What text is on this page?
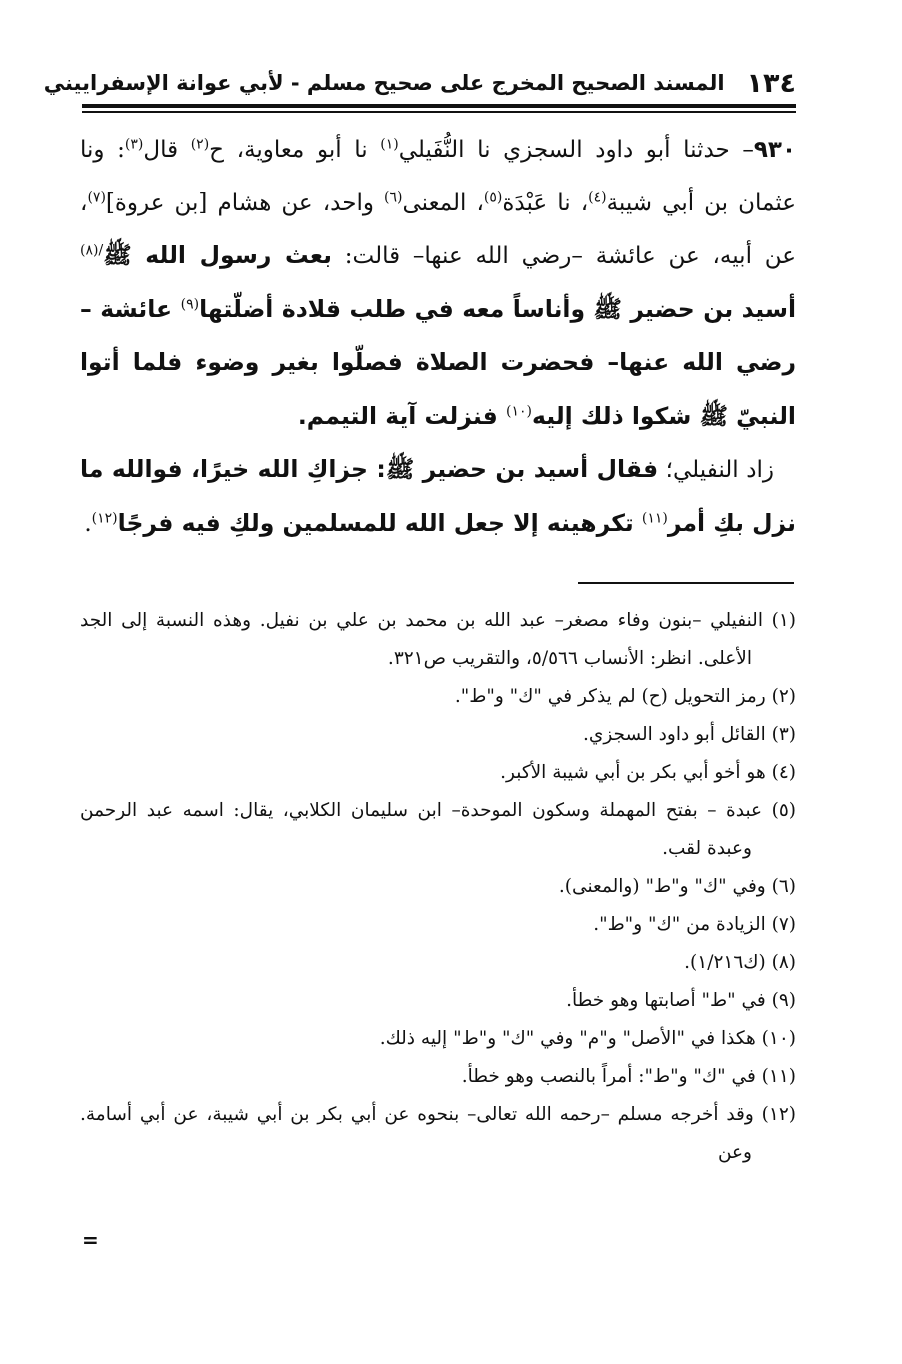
١٣٤
المسند الصحيح المخرج على صحيح مسلم - لأبي عوانة الإسفراييني

٩٣٠– حدثنا أبو داود السجزي نا النُّفَيلي$^{(١)}$ نا أبو معاوية، ح$^{(٢)}$ قال$^{(٣)}$: ونا عثمان بن أبي شيبة$^{(٤)}$، نا عَبْدَة$^{(٥)}$، المعنى$^{(٦)}$ واحد، عن هشام [بن عروة]$^{(٧)}$، عن أبيه، عن عائشة –رضي الله عنها– قالت: بعث رسول الله ﷺ$^{/(٨)}$ أسيد بن حضير ﷺ وأناساً معه في طلب قلادة أضلّتها$^{(٩)}$ عائشة –رضي الله عنها– فحضرت الصلاة فصلّوا بغير وضوء فلما أتوا النبيّ ﷺ شكوا ذلك إليه$^{(١٠)}$ فنزلت آية التيمم.

زاد النفيلي؛ فقال أسيد بن حضير ﷺ: جزاكِ الله خيرًا، فوالله ما نزل بكِ أمر$^{(١١)}$ تكرهينه إلا جعل الله للمسلمين ولكِ فيه فرجًا$^{(١٢)}$.

(١) النفيلي –بنون وفاء مصغر– عبد الله بن محمد بن علي بن نفيل. وهذه النسبة إلى الجد الأعلى. انظر: الأنساب ٥/٥٦٦، والتقريب ص٣٢١.

(٢) رمز التحويل (ح) لم يذكر في "ك" و"ط".

(٣) القائل أبو داود السجزي.

(٤) هو أخو أبي بكر بن أبي شيبة الأكبر.

(٥) عبدة – بفتح المهملة وسكون الموحدة– ابن سليمان الكلابي، يقال: اسمه عبد الرحمن وعبدة لقب.

(٦) وفي "ك" و"ط" (والمعنى).

(٧) الزيادة من "ك" و"ط".

(٨) (ك١/٢١٦).

(٩) في "ط" أصابتها وهو خطأ.

(١٠) هكذا في "الأصل" و"م" وفي "ك" و"ط" إليه ذلك.

(١١) في "ك" و"ط": أمراً بالنصب وهو خطأ.

(١٢) وقد أخرجه مسلم –رحمه الله تعالى– بنحوه عن أبي بكر بن أبي شيبة، عن أبي أسامة. وعن

=
